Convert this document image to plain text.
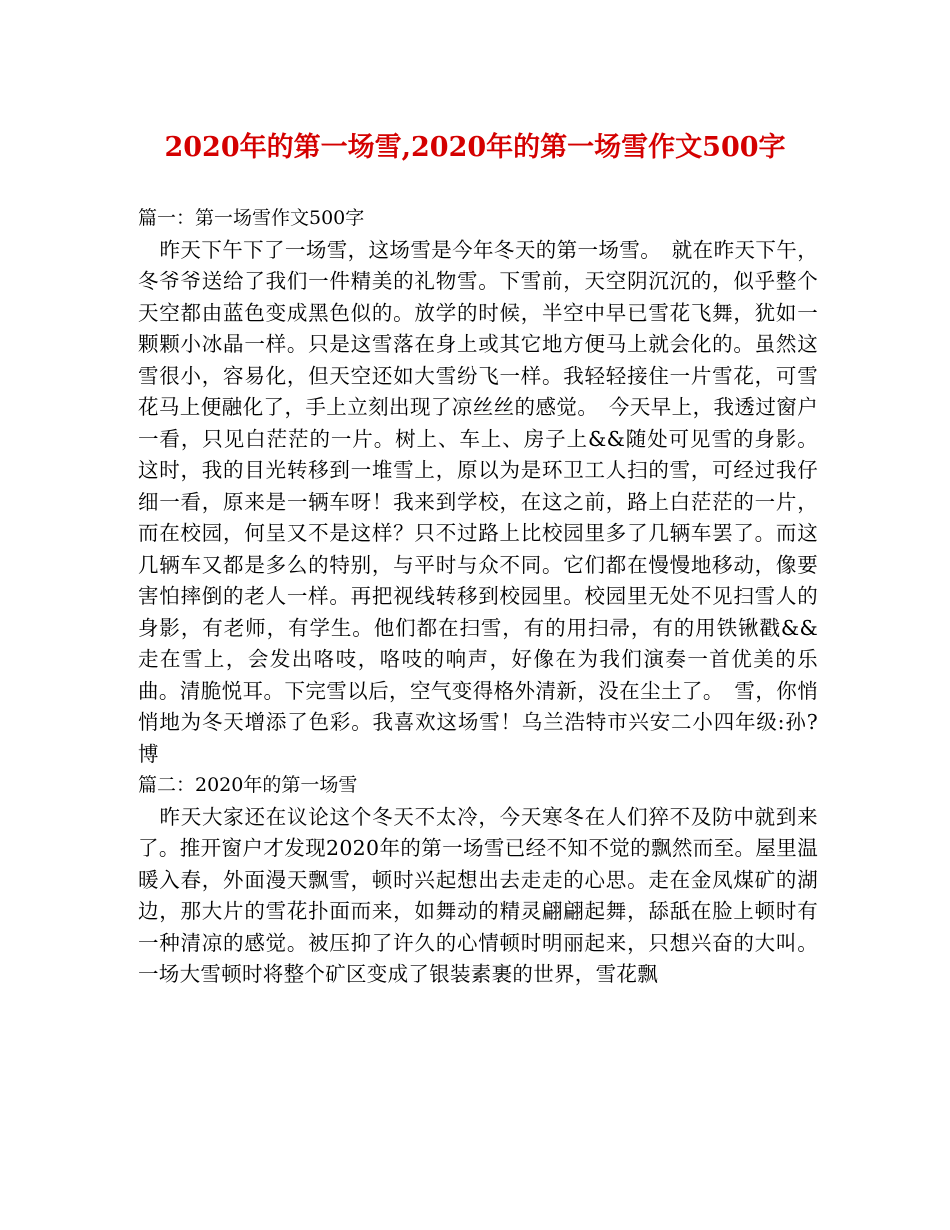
2020年的第一场雪,2020年的第一场雪作文500字
篇一：第一场雪作文500字
昨天下午下了一场雪，这场雪是今年冬天的第一场雪。　就在昨天下午，冬爷爷送给了我们一件精美的礼物雪。下雪前，天空阴沉沉的，似乎整个天空都由蓝色变成黑色似的。放学的时候，半空中早已雪花飞舞，犹如一颗颗小冰晶一样。只是这雪落在身上或其它地方便马上就会化的。虽然这雪很小，容易化，但天空还如大雪纷飞一样。我轻轻接住一片雪花，可雪花马上便融化了，手上立刻出现了凉丝丝的感觉。　今天早上，我透过窗户一看，只见白茫茫的一片。树上、车上、房子上&&随处可见雪的身影。这时，我的目光转移到一堆雪上，原以为是环卫工人扫的雪，可经过我仔细一看，原来是一辆车呀！我来到学校，在这之前，路上白茫茫的一片，而在校园，何呈又不是这样？只不过路上比校园里多了几辆车罢了。而这几辆车又都是多么的特别，与平时与众不同。它们都在慢慢地移动，像要害怕摔倒的老人一样。再把视线转移到校园里。校园里无处不见扫雪人的身影，有老师，有学生。他们都在扫雪，有的用扫帚，有的用铁锹戳&&走在雪上，会发出咯吱，咯吱的响声，好像在为我们演奏一首优美的乐曲。清脆悦耳。下完雪以后，空气变得格外清新，没在尘土了。　雪，你悄悄地为冬天增添了色彩。我喜欢这场雪！乌兰浩特市兴安二小四年级:孙?博
篇二：2020年的第一场雪
昨天大家还在议论这个冬天不太冷，今天寒冬在人们猝不及防中就到来了。推开窗户才发现2020年的第一场雪已经不知不觉的飘然而至。屋里温暖入春，外面漫天飘雪，顿时兴起想出去走走的心思。走在金凤煤矿的湖边，那大片的雪花扑面而来，如舞动的精灵翩翩起舞，舔舐在脸上顿时有一种清凉的感觉。被压抑了许久的心情顿时明丽起来，只想兴奋的大叫。一场大雪顿时将整个矿区变成了银装素裹的世界，雪花飘
